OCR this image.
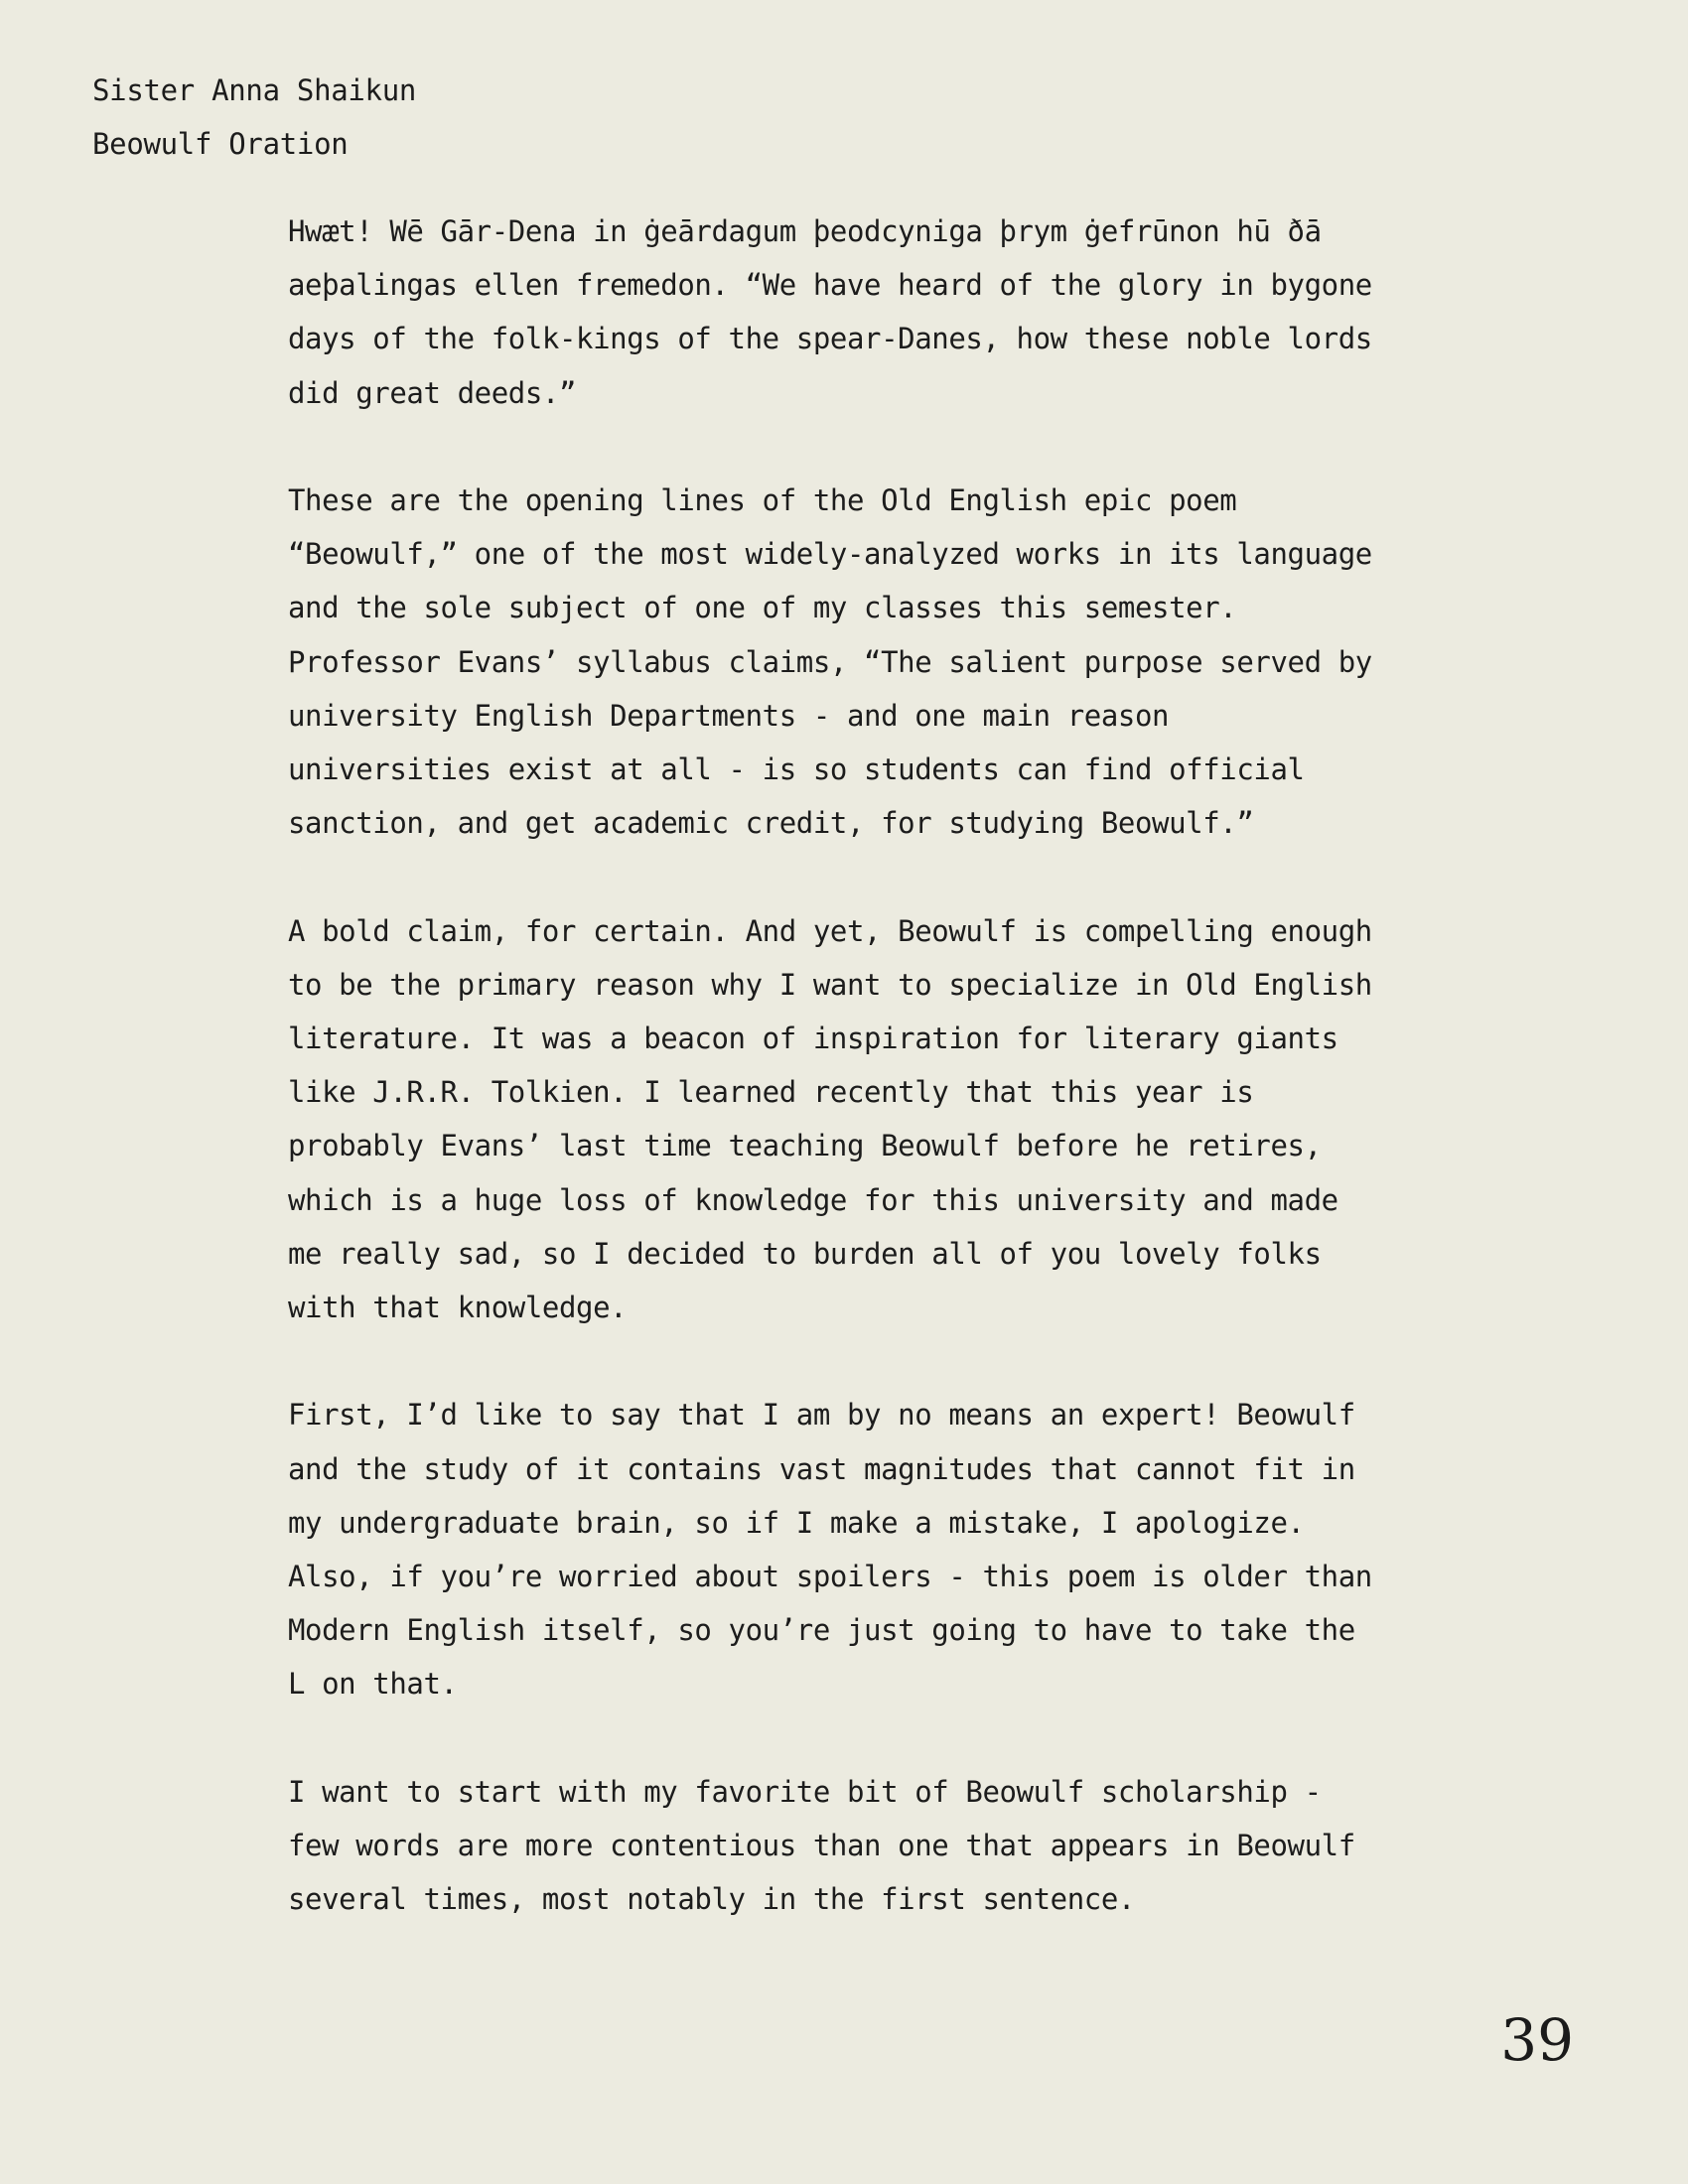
Sister Anna Shaikun
Beowulf Oration
Hwæt! Wē Gār-Dena in ġeārdagum þeodcyniga þrym ġefrūnon hū ðā
aeþalingas ellen fremedon. “We have heard of the glory in bygone
days of the folk-kings of the spear-Danes, how these noble lords
did great deeds.”
These are the opening lines of the Old English epic poem
“Beowulf,” one of the most widely-analyzed works in its language
and the sole subject of one of my classes this semester.
Professor Evans’ syllabus claims, “The salient purpose served by
university English Departments - and one main reason
universities exist at all - is so students can find official
sanction, and get academic credit, for studying Beowulf.”
A bold claim, for certain. And yet, Beowulf is compelling enough
to be the primary reason why I want to specialize in Old English
literature. It was a beacon of inspiration for literary giants
like J.R.R. Tolkien. I learned recently that this year is
probably Evans’ last time teaching Beowulf before he retires,
which is a huge loss of knowledge for this university and made
me really sad, so I decided to burden all of you lovely folks
with that knowledge.
First, I’d like to say that I am by no means an expert! Beowulf
and the study of it contains vast magnitudes that cannot fit in
my undergraduate brain, so if I make a mistake, I apologize.
Also, if you’re worried about spoilers - this poem is older than
Modern English itself, so you’re just going to have to take the
L on that.
I want to start with my favorite bit of Beowulf scholarship -
few words are more contentious than one that appears in Beowulf
several times, most notably in the first sentence.
39
